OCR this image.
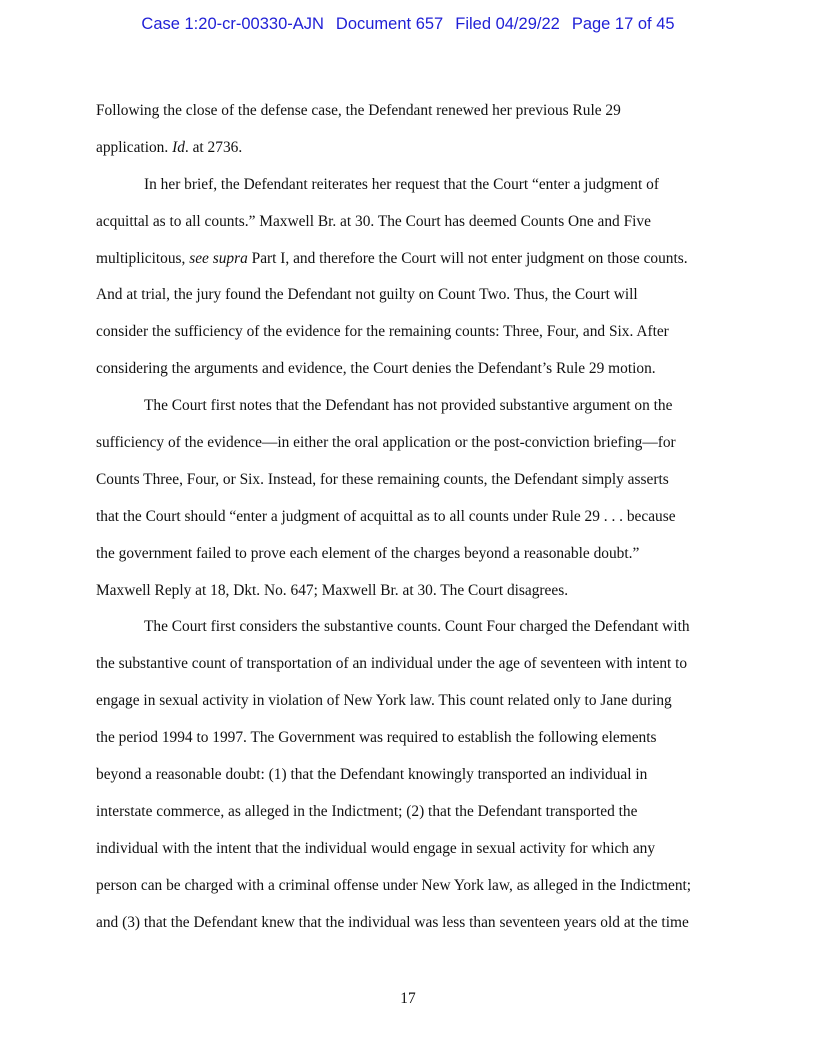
Case 1:20-cr-00330-AJN Document 657 Filed 04/29/22 Page 17 of 45
Following the close of the defense case, the Defendant renewed her previous Rule 29
application. Id. at 2736.
In her brief, the Defendant reiterates her request that the Court “enter a judgment of
acquittal as to all counts.” Maxwell Br. at 30. The Court has deemed Counts One and Five
multiplicitous, see supra Part I, and therefore the Court will not enter judgment on those counts.
And at trial, the jury found the Defendant not guilty on Count Two. Thus, the Court will
consider the sufficiency of the evidence for the remaining counts: Three, Four, and Six. After
considering the arguments and evidence, the Court denies the Defendant’s Rule 29 motion.
The Court first notes that the Defendant has not provided substantive argument on the
sufficiency of the evidence—in either the oral application or the post-conviction briefing—for
Counts Three, Four, or Six. Instead, for these remaining counts, the Defendant simply asserts
that the Court should “enter a judgment of acquittal as to all counts under Rule 29 . . . because
the government failed to prove each element of the charges beyond a reasonable doubt.”
Maxwell Reply at 18, Dkt. No. 647; Maxwell Br. at 30. The Court disagrees.
The Court first considers the substantive counts. Count Four charged the Defendant with
the substantive count of transportation of an individual under the age of seventeen with intent to
engage in sexual activity in violation of New York law. This count related only to Jane during
the period 1994 to 1997. The Government was required to establish the following elements
beyond a reasonable doubt: (1) that the Defendant knowingly transported an individual in
interstate commerce, as alleged in the Indictment; (2) that the Defendant transported the
individual with the intent that the individual would engage in sexual activity for which any
person can be charged with a criminal offense under New York law, as alleged in the Indictment;
and (3) that the Defendant knew that the individual was less than seventeen years old at the time
17
